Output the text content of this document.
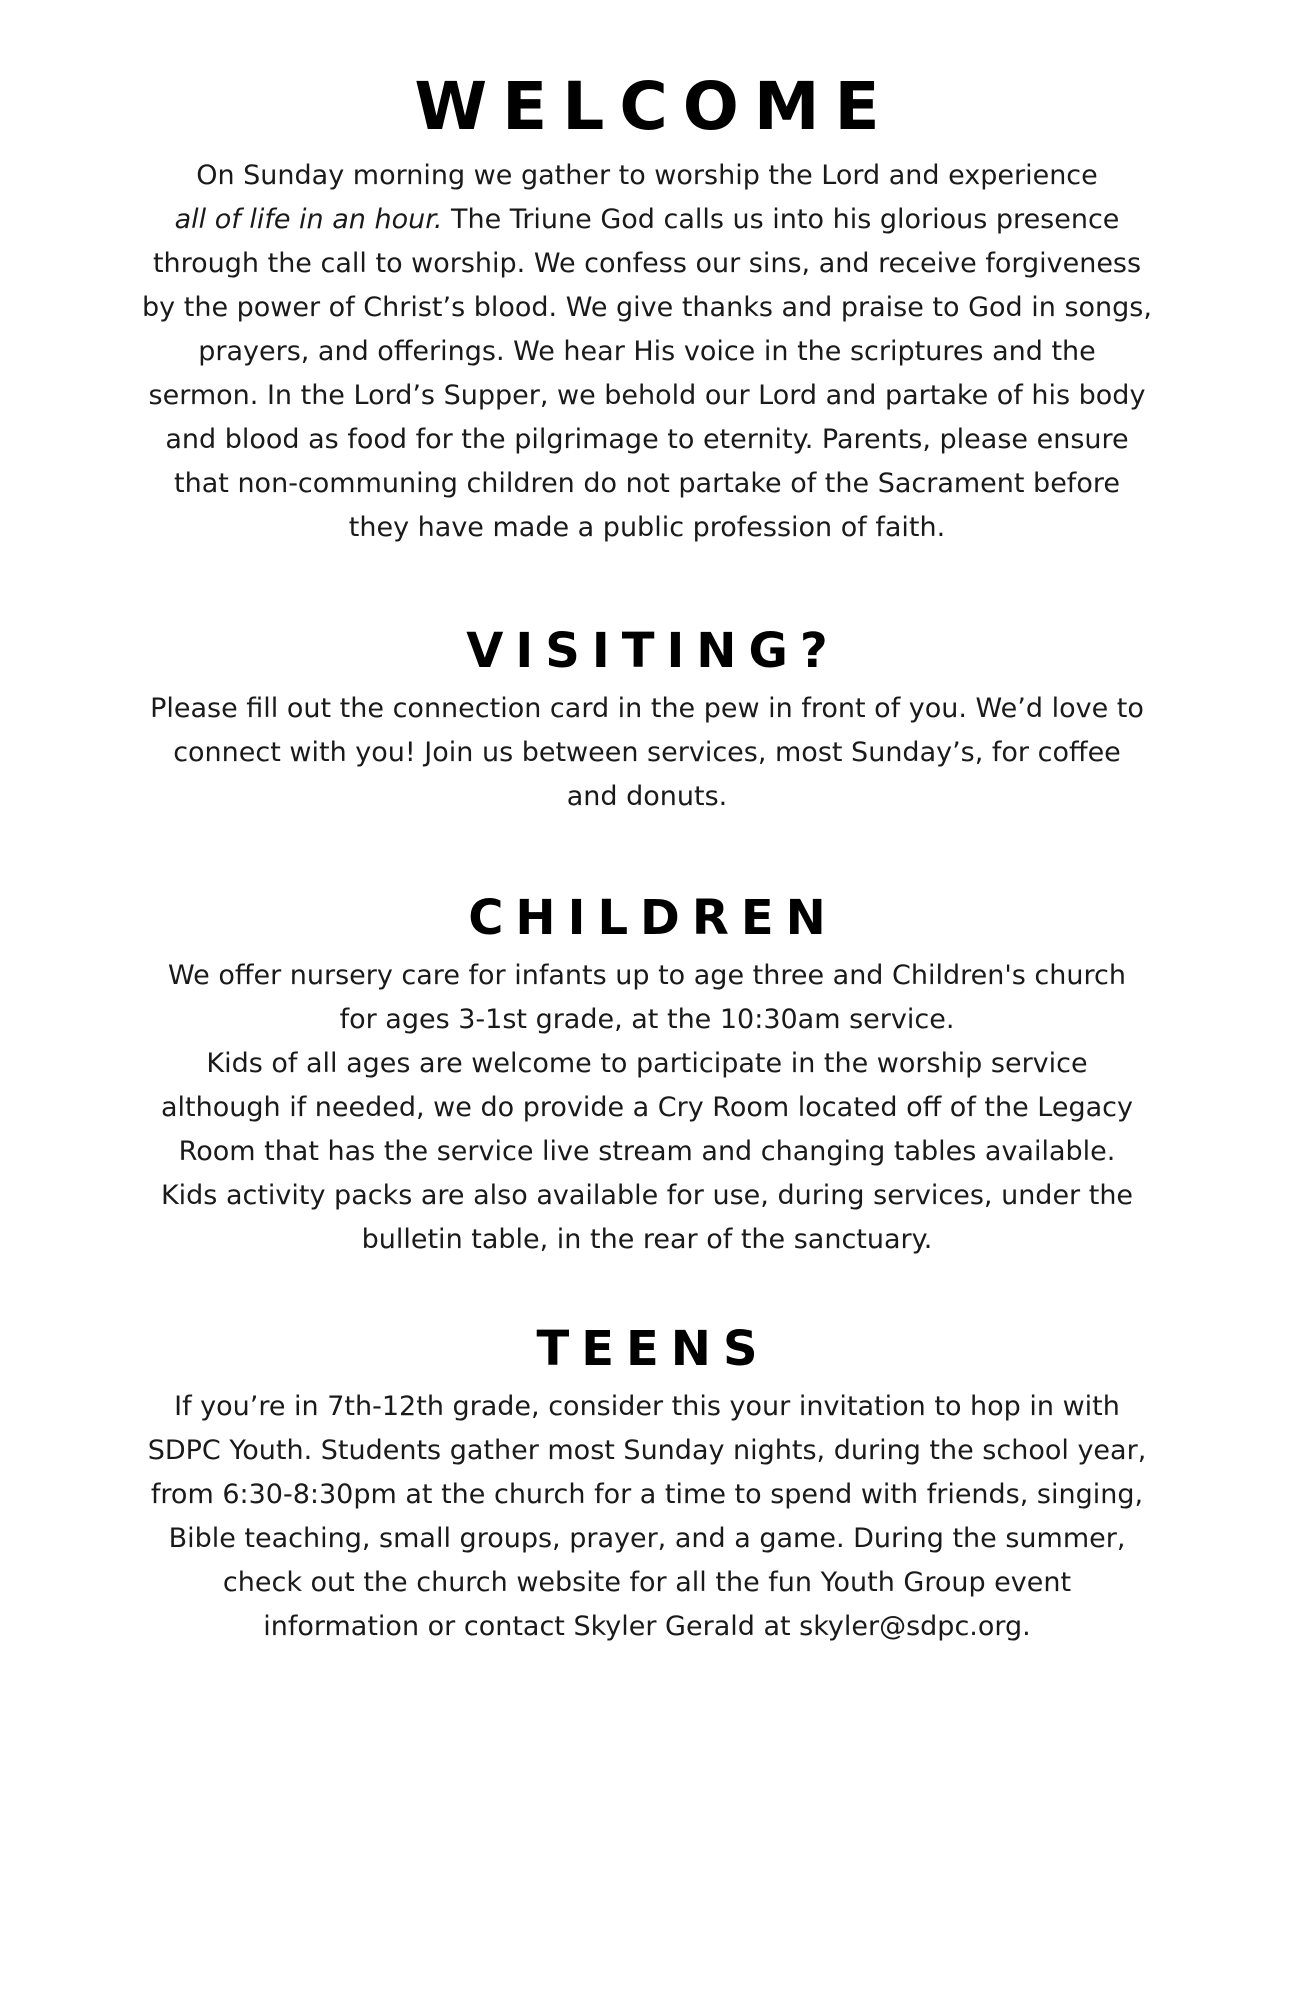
WELCOME

On Sunday morning we gather to worship the Lord and experience
all of life in an hour. The Triune God calls us into his glorious presence
through the call to worship. We confess our sins, and receive forgiveness
by the power of Christ’s blood. We give thanks and praise to God in songs,
prayers, and offerings. We hear His voice in the scriptures and the
sermon. In the Lord’s Supper, we behold our Lord and partake of his body
and blood as food for the pilgrimage to eternity. Parents, please ensure
that non-communing children do not partake of the Sacrament before
they have made a public profession of faith.

VISITING?

Please fill out the connection card in the pew in front of you. We’d love to
connect with you! Join us between services, most Sunday’s, for coffee
and donuts.

CHILDREN

We offer nursery care for infants up to age three and Children's church
for ages 3-1st grade, at the 10:30am service.
Kids of all ages are welcome to participate in the worship service
although if needed, we do provide a Cry Room located off of the Legacy
Room that has the service live stream and changing tables available.
Kids activity packs are also available for use, during services, under the
bulletin table, in the rear of the sanctuary.

TEENS

If you’re in 7th-12th grade, consider this your invitation to hop in with
SDPC Youth. Students gather most Sunday nights, during the school year,
from 6:30-8:30pm at the church for a time to spend with friends, singing,
Bible teaching, small groups, prayer, and a game. During the summer,
check out the church website for all the fun Youth Group event
information or contact Skyler Gerald at skyler@sdpc.org.
